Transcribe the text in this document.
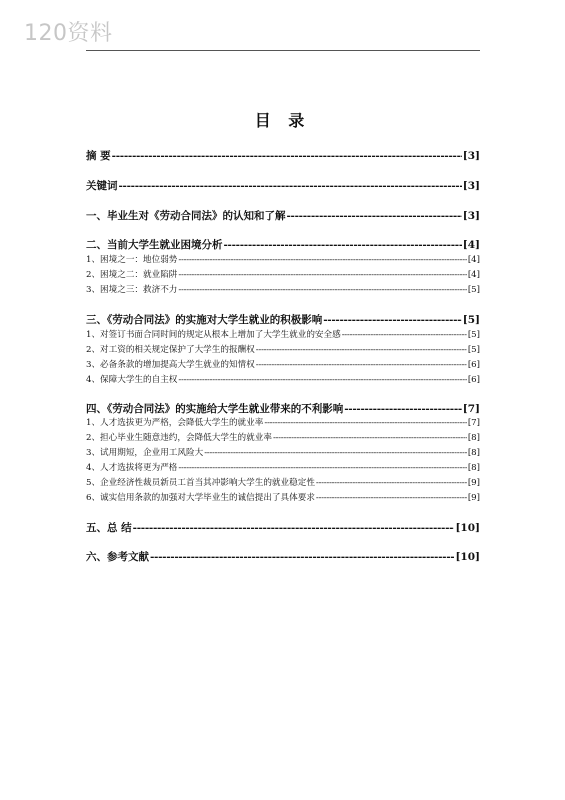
120资料
目 录
摘 要 -----	[3]
关键词 -----	[3]
一、毕业生对《劳动合同法》的认知和了解 -----	[3]
二、当前大学生就业困境分析 -----	[4]
1、困境之一：地位弱势 -----	[4]
2、困境之二：就业陷阱 -----	[4]
3、困境之三：救济不力 -----	[5]
三、《劳动合同法》的实施对大学生就业的积极影响 -----	[5]
1、对签订书面合同时间的规定从根本上增加了大学生就业的安全感 -----	[5]
2、对工资的相关规定保护了大学生的报酬权 -----	[5]
3、必备条款的增加提高大学生就业的知情权 -----	[6]
4、保障大学生的自主权 -----	[6]
四、《劳动合同法》的实施给大学生就业带来的不利影响 -----	[7]
1、人才选拔更为严格，会降低大学生的就业率 -----	[7]
2、担心毕业生随意违约，会降低大学生的就业率 -----	[8]
3、试用期短，企业用工风险大 -----	[8]
4、人才选拔将更为严格 -----	[8]
5、企业经济性裁员新员工首当其冲影响大学生的就业稳定性 -----	[9]
6、诚实信用条款的加强对大学毕业生的诚信提出了具体要求 -----	[9]
五、总 结 -----	[10]
六、参考文献 -----	[10]
